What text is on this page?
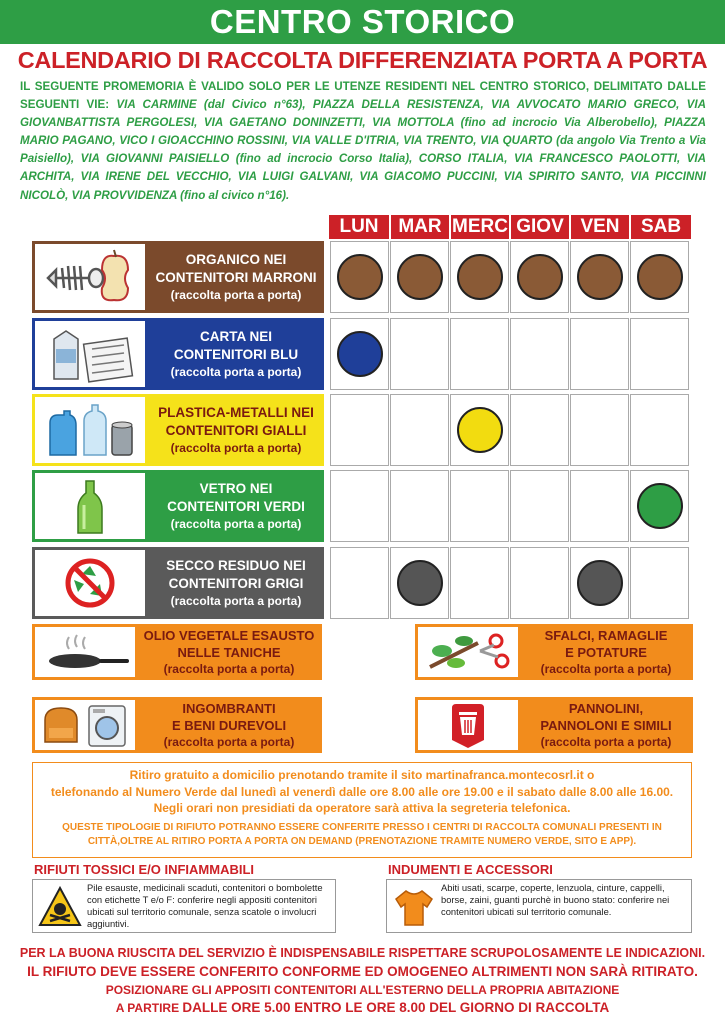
CENTRO STORICO
CALENDARIO DI RACCOLTA DIFFERENZIATA PORTA A PORTA
IL SEGUENTE PROMEMORIA È VALIDO SOLO PER LE UTENZE RESIDENTI NEL CENTRO STORICO, DELIMITATO DALLE SEGUENTI VIE: VIA CARMINE (dal Civico n°63), PIAZZA DELLA RESISTENZA, VIA AVVOCATO MARIO GRECO, VIA GIOVANBATTISTA PERGOLESI, VIA GAETANO DONINZETTI, VIA MOTTOLA (fino ad incrocio Via Alberobello), PIAZZA MARIO PAGANO, VICO I GIOACCHINO ROSSINI, VIA VALLE D'ITRIA, VIA TRENTO, VIA QUARTO (da angolo Via Trento a Via Paisiello), VIA GIOVANNI PAISIELLO (fino ad incrocio Corso Italia), CORSO ITALIA, VIA FRANCESCO PAOLOTTI, VIA ARCHITA, VIA IRENE DEL VECCHIO, VIA LUIGI GALVANI, VIA GIACOMO PUCCINI, VIA SPIRITO SANTO, VIA PICCINNI NICOLÒ, VIA PROVVIDENZA (fino al civico n°16).
LUN	MAR MERC GIOV VEN	SAB
ORGANICO NEI
CONTENITORI MARRONI
(raccolta porta a porta)
CARTA NEI
CONTENITORI BLU
(raccolta porta a porta)
PLASTICA-METALLI NEI
CONTENITORI GIALLI
(raccolta porta a porta)
VETRO NEI
CONTENITORI VERDI
(raccolta porta a porta)
SECCO RESIDUO NEI
CONTENITORI GRIGI
(raccolta porta a porta)
OLIO VEGETALE ESAUSTO
NELLE TANICHE
(raccolta porta a porta)
SFALCI, RAMAGLIE
E POTATURE
(raccolta porta a porta)
INGOMBRANTI
E BENI DUREVOLI
(raccolta porta a porta)
PANNOLINI,
PANNOLONI E SIMILI
(raccolta porta a porta)
Ritiro gratuito a domicilio prenotando tramite il sito martinafranca.montecosrl.it o
telefonando al Numero Verde dal lunedì al venerdì dalle ore 8.00 alle ore 19.00 e il sabato dalle 8.00 alle 16.00.
Negli orari non presidiati da operatore sarà attiva la segreteria telefonica.
QUESTE TIPOLOGIE DI RIFIUTO POTRANNO ESSERE CONFERITE PRESSO I CENTRI DI RACCOLTA COMUNALI PRESENTI IN
CITTÀ,OLTRE AL RITIRO PORTA A PORTA ON DEMAND (PRENOTAZIONE TRAMITE NUMERO VERDE, SITO E APP).
RIFIUTI TOSSICI E/O INFIAMMABILI
Pile esauste, medicinali scaduti, contenitori o bombolette con etichette T e/o F: conferire negli appositi contenitori ubicati sul territorio comunale, senza scatole o involucri aggiuntivi.
INDUMENTI E ACCESSORI
Abiti usati, scarpe, coperte, lenzuola, cinture, cappelli, borse, zaini, guanti purchè in buono stato: conferire nei contenitori ubicati sul territorio comunale.
PER LA BUONA RIUSCITA DEL SERVIZIO È INDISPENSABILE RISPETTARE SCRUPOLOSAMENTE LE INDICAZIONI.
IL RIFIUTO DEVE ESSERE CONFERITO CONFORME ED OMOGENEO ALTRIMENTI NON SARÀ RITIRATO.
POSIZIONARE GLI APPOSITI CONTENITORI ALL'ESTERNO DELLA PROPRIA ABITAZIONE
A PARTIRE DALLE ORE 5.00 ENTRO LE ORE 8.00 DEL GIORNO DI RACCOLTA
